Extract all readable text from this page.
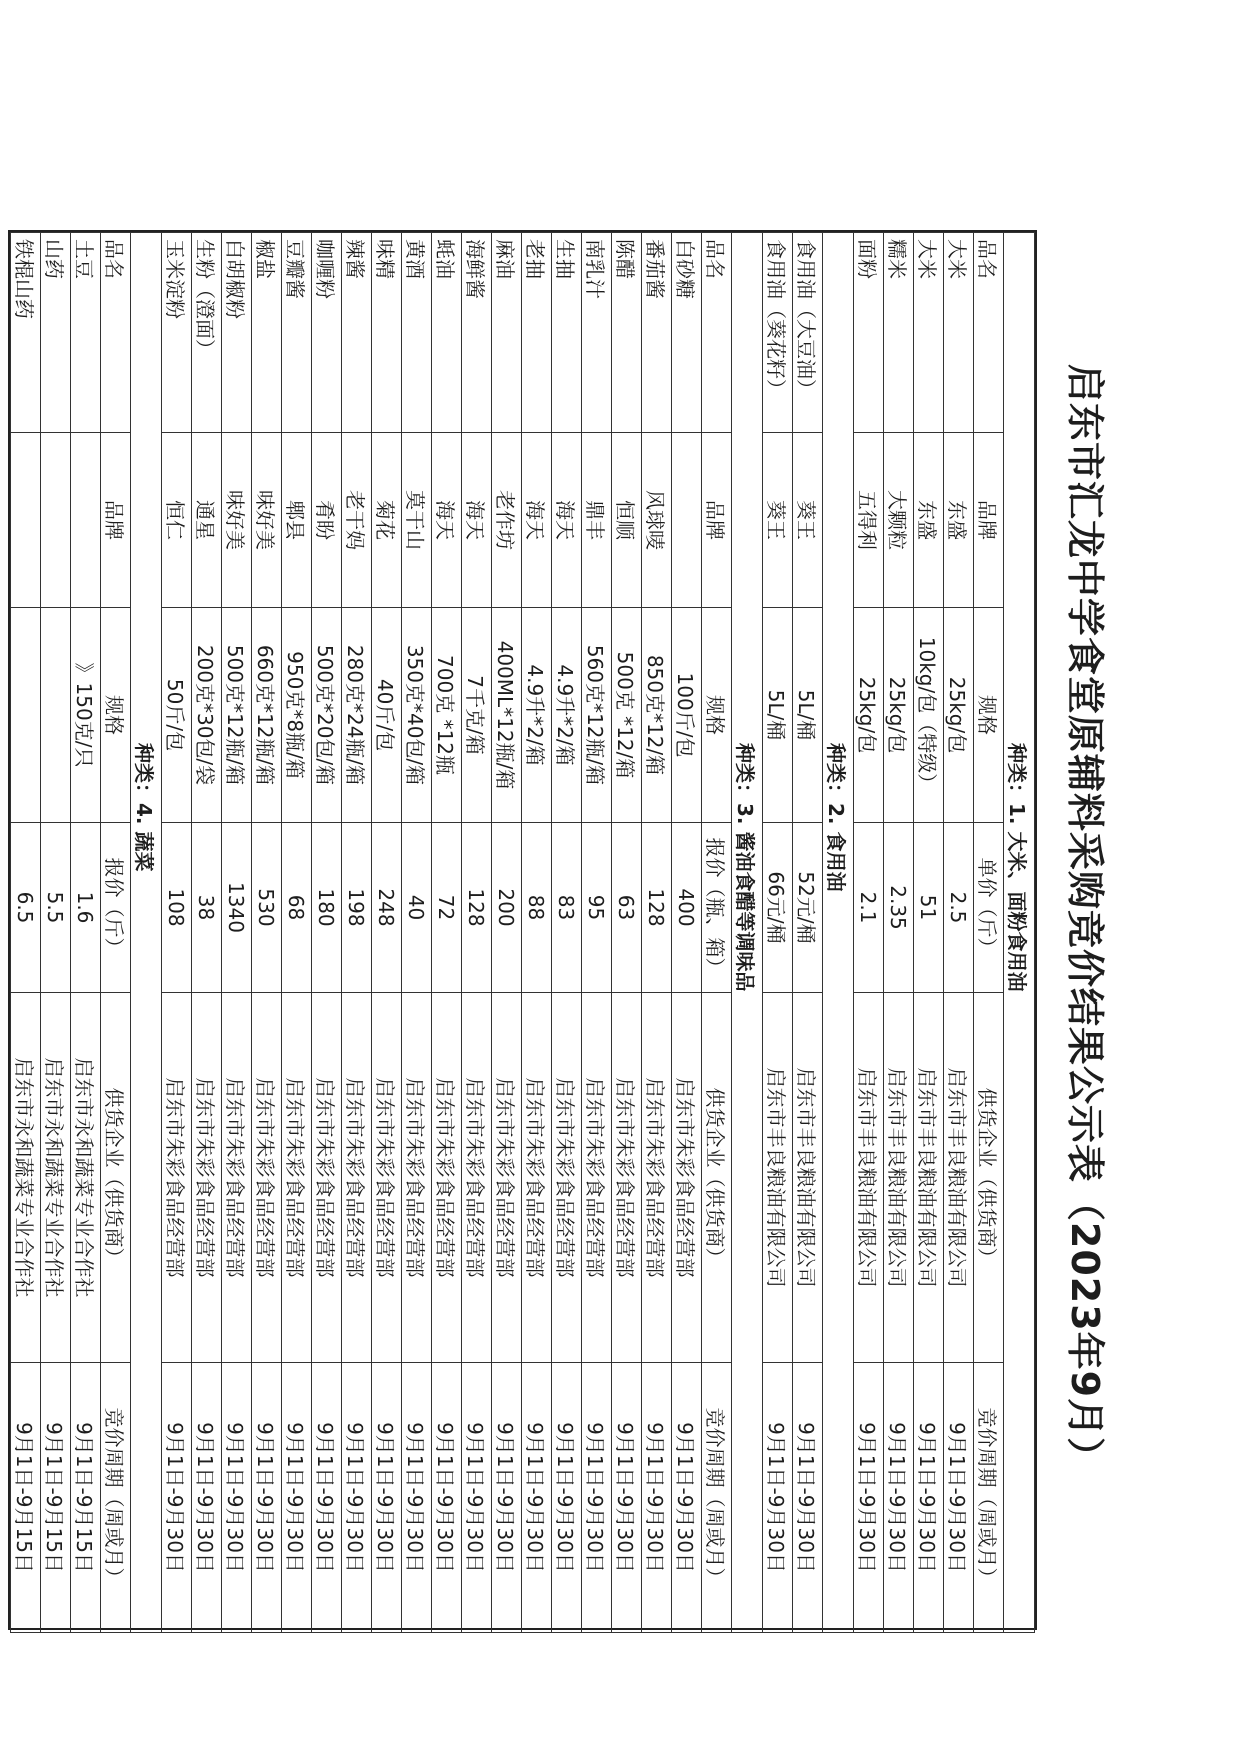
启东市汇龙中学食堂原辅料采购竞价结果公示表（2023年9月）
种类：1. 大米、面粉食用油					
品名	品牌	规格	单价（斤）	供货企业（供货商）	竞价周期（周或月）
大米	东盛	25kg/包	2.5	启东市丰良粮油有限公司	9月1日-9月30日
大米	东盛	10kg/包（特级）	51	启东市丰良粮油有限公司	9月1日-9月30日
糯米	大颗粒	25kg/包	2.35	启东市丰良粮油有限公司	9月1日-9月30日
面粉	五得利	25kg/包	2.1	启东市丰良粮油有限公司	9月1日-9月30日
种类：2. 食用油					
食用油（大豆油）	葵王	5L/桶	52元/桶	启东市丰良粮油有限公司	9月1日-9月30日
食用油（葵花籽）	葵王	5L/桶	66元/桶	启东市丰良粮油有限公司	9月1日-9月30日
种类：3. 酱油食醋等调味品					
品名	品牌	规格	报价（瓶、箱）	供货企业（供货商）	竞价周期（周或月）
白砂糖		100斤/包	400	启东市朱彩食品经营部	9月1日-9月30日
番茄酱	风球唛	850克*12/箱	128	启东市朱彩食品经营部	9月1日-9月30日
陈醋	恒顺	500克 *12/箱	63	启东市朱彩食品经营部	9月1日-9月30日
南乳汁	鼎丰	560克*12瓶/箱	95	启东市朱彩食品经营部	9月1日-9月30日
生抽	海天	4.9升*2/箱	83	启东市朱彩食品经营部	9月1日-9月30日
老抽	海天	4.9升*2/箱	88	启东市朱彩食品经营部	9月1日-9月30日
麻油	老作坊	400ML*12瓶/箱	200	启东市朱彩食品经营部	9月1日-9月30日
海鲜酱	海天	7千克/箱	128	启东市朱彩食品经营部	9月1日-9月30日
蚝油	海天	700克 *12瓶	72	启东市朱彩食品经营部	9月1日-9月30日
黄酒	莫干山	350克*40包/箱	40	启东市朱彩食品经营部	9月1日-9月30日
味精	菊花	40斤/包	248	启东市朱彩食品经营部	9月1日-9月30日
辣酱	老干妈	280克*24瓶/箱	198	启东市朱彩食品经营部	9月1日-9月30日
咖喱粉	肴盼	500克*20包/箱	180	启东市朱彩食品经营部	9月1日-9月30日
豆瓣酱	郫县	950克*8瓶/箱	68	启东市朱彩食品经营部	9月1日-9月30日
椒盐	味好美	660克*12瓶/箱	530	启东市朱彩食品经营部	9月1日-9月30日
白胡椒粉	味好美	500克*12瓶/箱	1340	启东市朱彩食品经营部	9月1日-9月30日
生粉（澄面）	通星	200克*30包/袋	38	启东市朱彩食品经营部	9月1日-9月30日
玉米淀粉	恒仁	50斤/包	108	启东市朱彩食品经营部	9月1日-9月30日
种类：4. 蔬菜					
品名	品牌	规格	报价（斤）	供货企业（供货商）	竞价周期（周或月）
土豆		》150克/只	1.6	启东市永和蔬菜专业合作社	9月1日-9月15日
山药			5.5	启东市永和蔬菜专业合作社	9月1日-9月15日
铁棍山药			6.5	启东市永和蔬菜专业合作社	9月1日-9月15日
